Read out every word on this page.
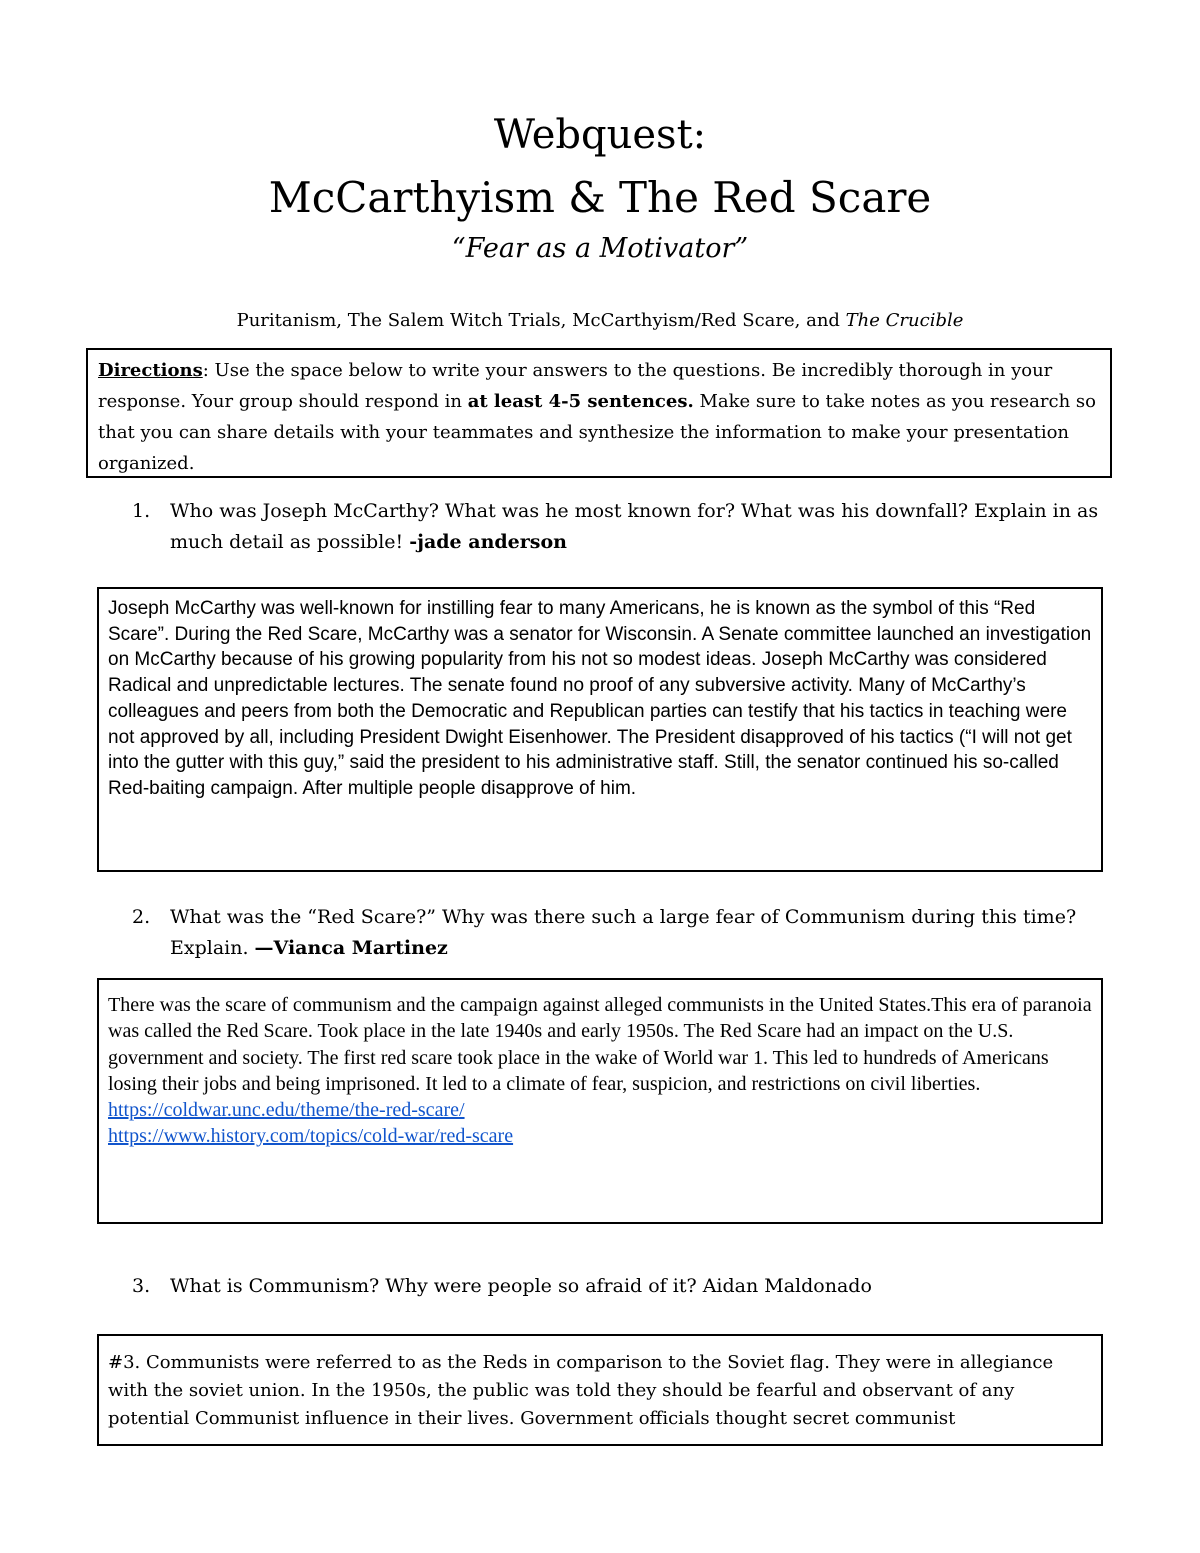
Webquest:
McCarthyism & The Red Scare
“Fear as a Motivator”
Puritanism, The Salem Witch Trials, McCarthyism/Red Scare, and The Crucible
Directions: Use the space below to write your answers to the questions. Be incredibly thorough in your response. Your group should respond in at least 4-5 sentences. Make sure to take notes as you research so that you can share details with your teammates and synthesize the information to make your presentation organized.
1. Who was Joseph McCarthy? What was he most known for? What was his downfall? Explain in as much detail as possible! -jade anderson
Joseph McCarthy was well-known for instilling fear to many Americans, he is known as the symbol of this “Red Scare”. During the Red Scare, McCarthy was a senator for Wisconsin. A Senate committee launched an investigation on McCarthy because of his growing popularity from his not so modest ideas. Joseph McCarthy was considered Radical and unpredictable lectures. The senate found no proof of any subversive activity. Many of McCarthy’s colleagues and peers from both the Democratic and Republican parties can testify that his tactics in teaching were not approved by all, including President Dwight Eisenhower. The President disapproved of his tactics (“I will not get into the gutter with this guy,” said the president to his administrative staff. Still, the senator continued his so-called Red-baiting campaign. After multiple people disapprove of him.
2. What was the “Red Scare?” Why was there such a large fear of Communism during this time? Explain. —Vianca Martinez
There was the scare of communism and the campaign against alleged communists in the United States.This era of paranoia was called the Red Scare. Took place in the late 1940s and early 1950s. The Red Scare had an impact on the U.S. government and society. The first red scare took place in the wake of World war 1. This led to hundreds of Americans losing their jobs and being imprisoned. It led to a climate of fear, suspicion, and restrictions on civil liberties.
https://coldwar.unc.edu/theme/the-red-scare/
https://www.history.com/topics/cold-war/red-scare
3. What is Communism? Why were people so afraid of it? Aidan Maldonado
#3. Communists were referred to as the Reds in comparison to the Soviet flag. They were in allegiance with the soviet union. In the 1950s, the public was told they should be fearful and observant of any potential Communist influence in their lives. Government officials thought secret communist
